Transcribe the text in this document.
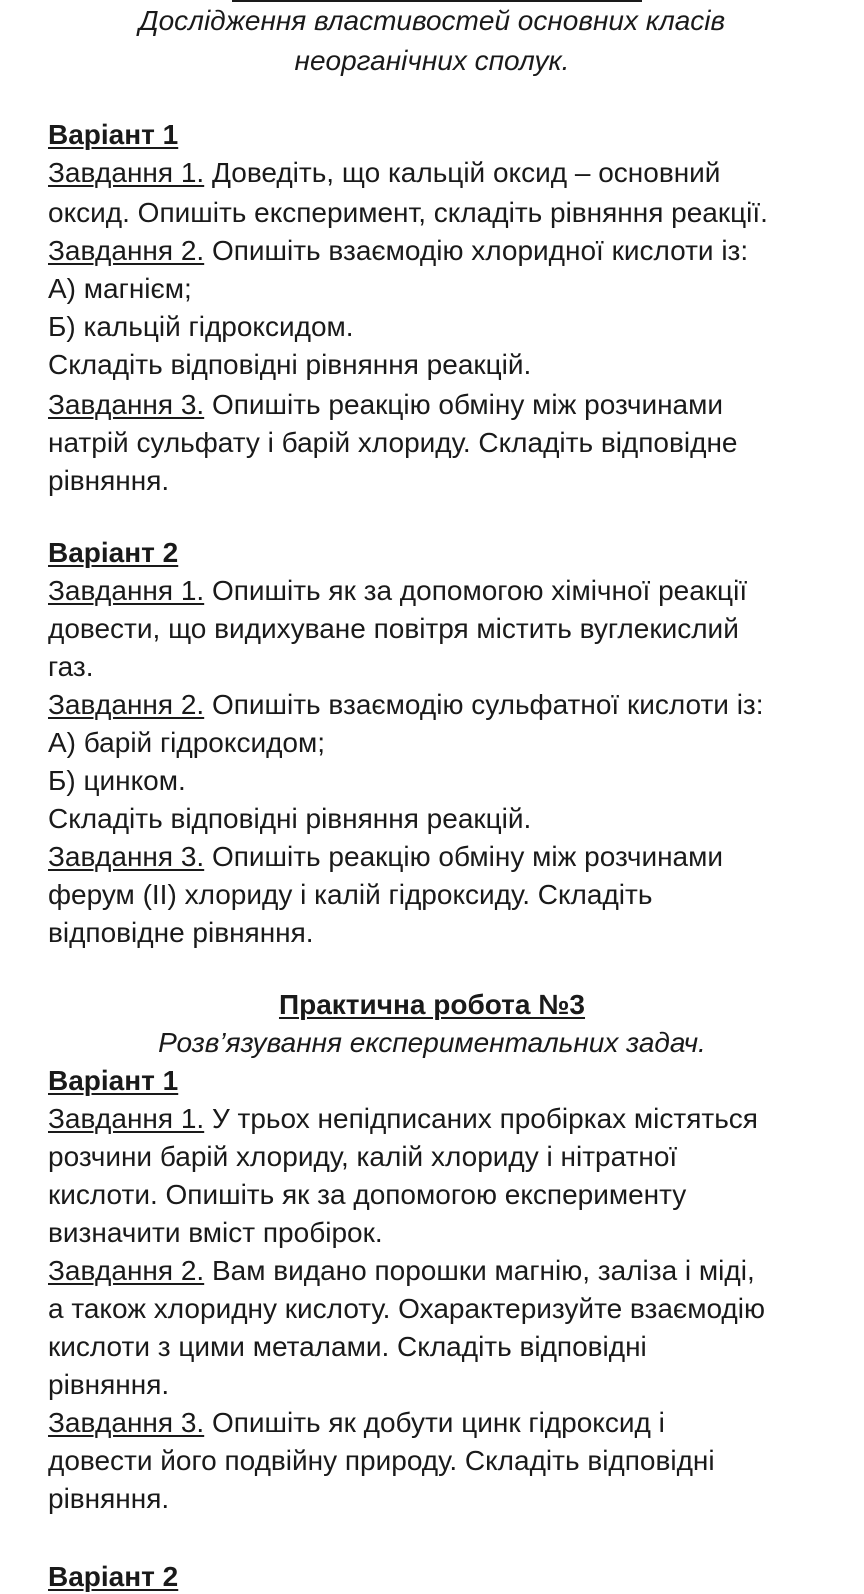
Дослідження властивостей основних класів
неорганічних сполук.
Варіант 1
Завдання 1. Доведіть, що кальцій оксид – основний
оксид. Опишіть експеримент, складіть рівняння реакції.
Завдання 2. Опишіть взаємодію хлоридної кислоти із:
А) магнієм;
Б) кальцій гідроксидом.
Складіть відповідні рівняння реакцій.
Завдання 3. Опишіть реакцію обміну між розчинами
натрій сульфату і барій хлориду. Складіть відповідне
рівняння.
Варіант 2
Завдання 1. Опишіть як за допомогою хімічної реакції
довести, що видихуване повітря містить вуглекислий
газ.
Завдання 2. Опишіть взаємодію сульфатної кислоти із:
А) барій гідроксидом;
Б) цинком.
Складіть відповідні рівняння реакцій.
Завдання 3. Опишіть реакцію обміну між розчинами
ферум (II) хлориду і калій гідроксиду. Складіть
відповідне рівняння.
Практична робота №3
Розв’язування експериментальних задач.
Варіант 1
Завдання 1. У трьох непідписаних пробірках містяться
розчини барій хлориду, калій хлориду і нітратної
кислоти. Опишіть як за допомогою експерименту
визначити вміст пробірок.
Завдання 2. Вам видано порошки магнію, заліза і міді,
а також хлоридну кислоту. Охарактеризуйте взаємодію
кислоти з цими металами. Складіть відповідні
рівняння.
Завдання 3. Опишіть як добути цинк гідроксид і
довести його подвійну природу. Складіть відповідні
рівняння.
Варіант 2
